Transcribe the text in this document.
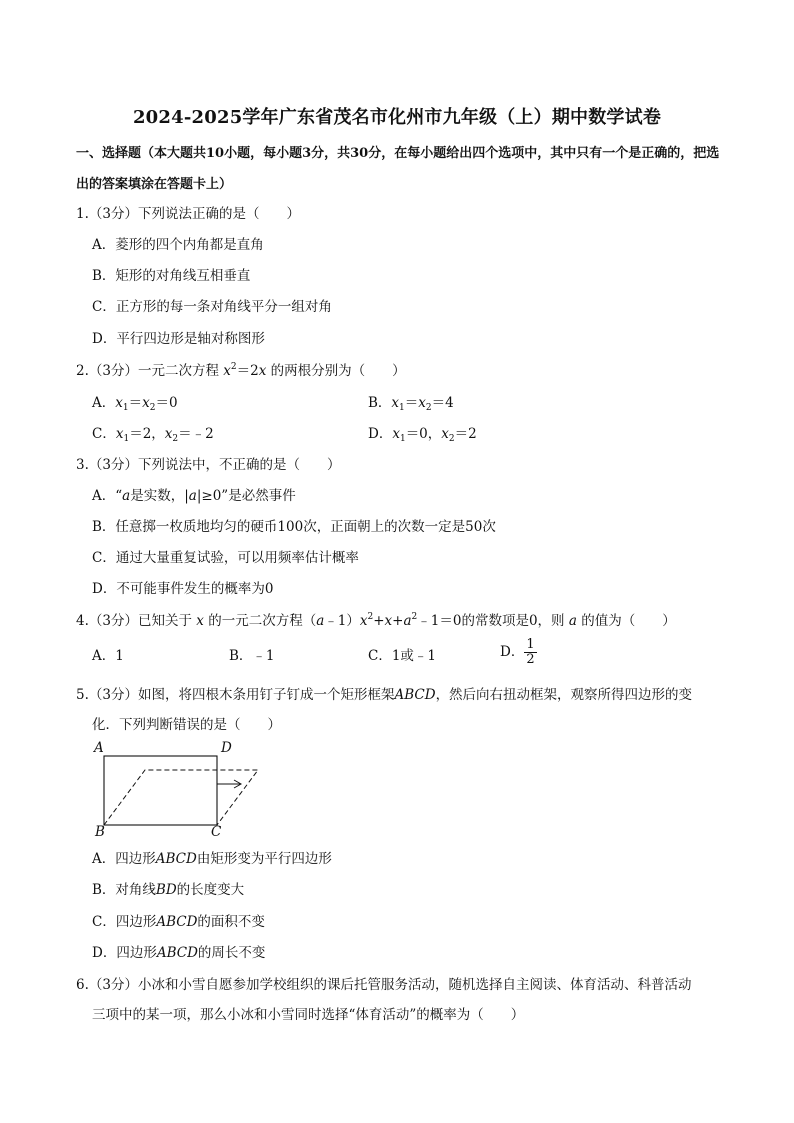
2024-2025学年广东省茂名市化州市九年级（上）期中数学试卷
一、选择题（本大题共10小题，每小题3分，共30分，在每小题给出四个选项中，其中只有一个是正确的，把选出的答案填涂在答题卡上）
1.（3分）下列说法正确的是（　　）
A．菱形的四个内角都是直角
B．矩形的对角线互相垂直
C．正方形的每一条对角线平分一组对角
D．平行四边形是轴对称图形
2.（3分）一元二次方程 $x^2=2x$ 的两根分别为（　　）
A．$x_1=x_2=0$	B．$x_1=x_2=4$
C．$x_1=2$，$x_2=﹣2$	D．$x_1=0$，$x_2=2$
3.（3分）下列说法中，不正确的是（　　）
A．“a是实数，|a|≥0”是必然事件
B．任意掷一枚质地均匀的硬币100次，正面朝上的次数一定是50次
C．通过大量重复试验，可以用频率估计概率
D．不可能事件发生的概率为0
4.（3分）已知关于 x 的一元二次方程$(a﹣1)x^2+x+a^2﹣1=0$的常数项是0，则 a 的值为（　　）
A．1	B．﹣1	C．1或﹣1	D． $\frac{1}{2}$
5.（3分）如图，将四根木条用钉子钉成一个矩形框架ABCD，然后向右扭动框架，观察所得四边形的变
化．下列判断错误的是（　　）
A	D
B	C
A．四边形ABCD由矩形变为平行四边形
B．对角线BD的长度变大
C．四边形ABCD的面积不变
D．四边形ABCD的周长不变
6.（3分）小冰和小雪自愿参加学校组织的课后托管服务活动，随机选择自主阅读、体育活动、科普活动
三项中的某一项，那么小冰和小雪同时选择“体育活动”的概率为（　　）
